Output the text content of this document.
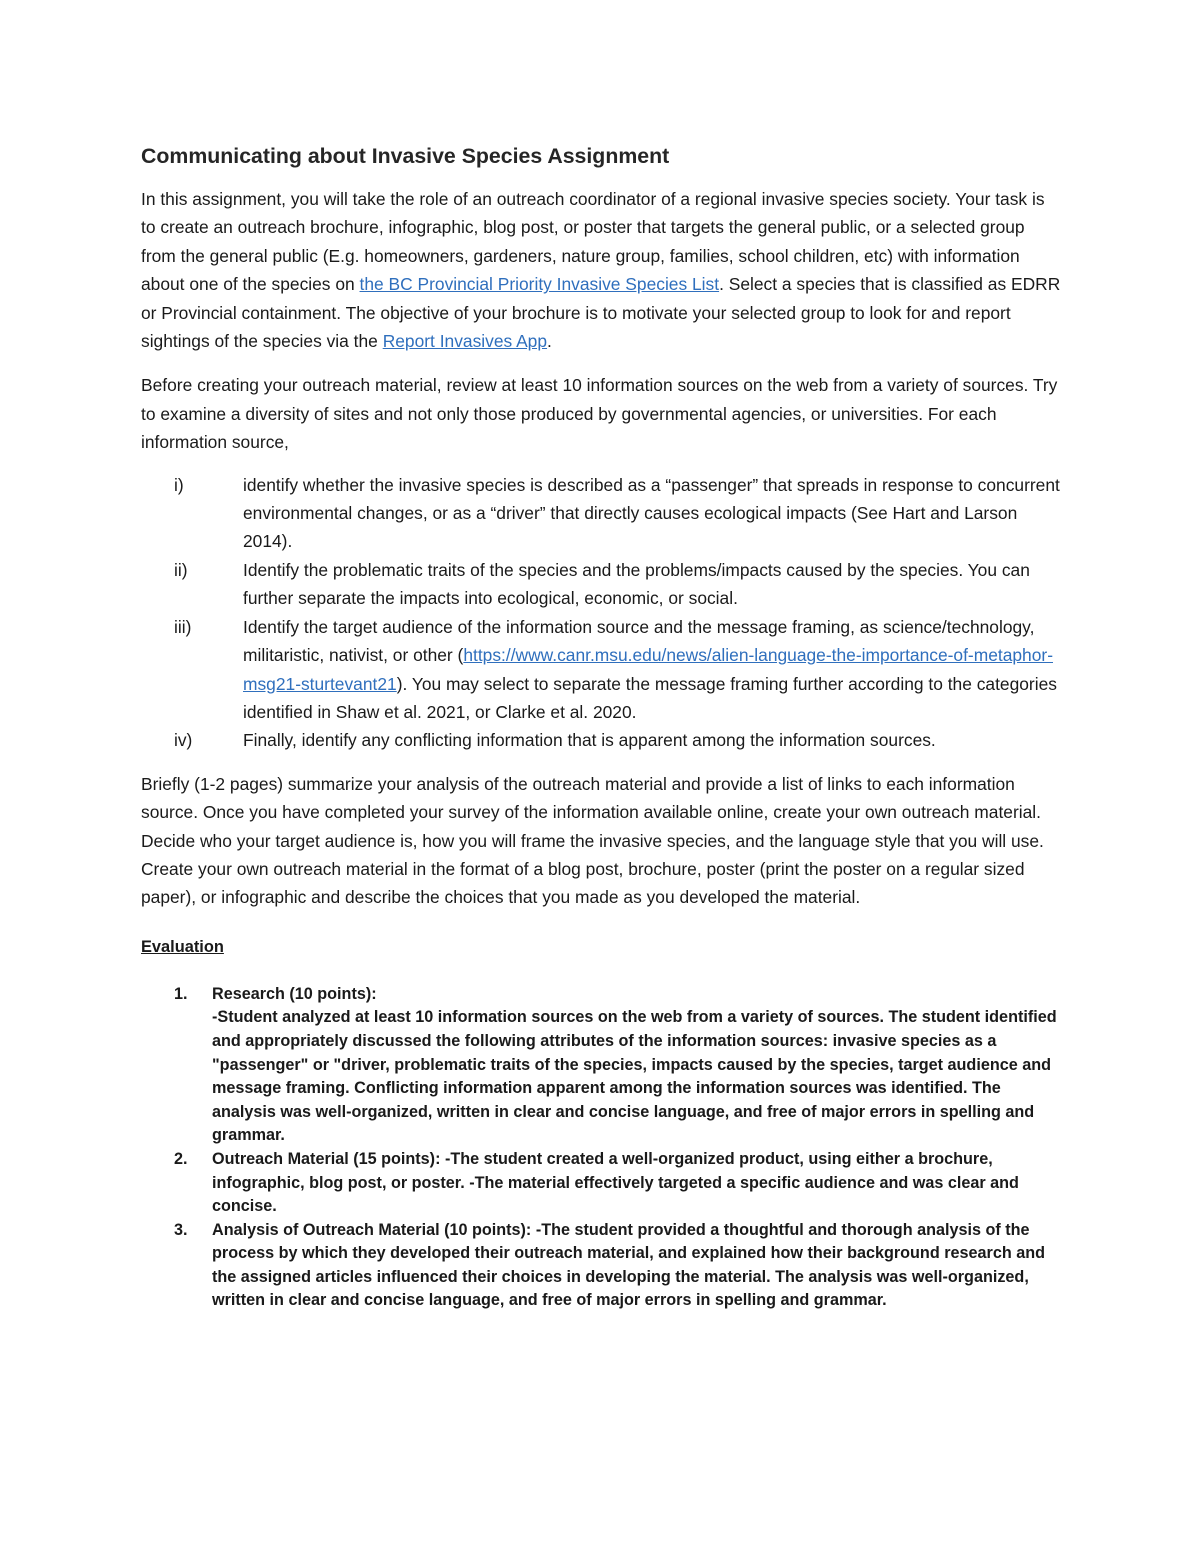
Communicating about Invasive Species Assignment

In this assignment, you will take the role of an outreach coordinator of a regional invasive species society. Your task is to create an outreach brochure, infographic, blog post, or poster that targets the general public, or a selected group from the general public (E.g. homeowners, gardeners, nature group, families, school children, etc) with information about one of the species on the BC Provincial Priority Invasive Species List. Select a species that is classified as EDRR or Provincial containment. The objective of your brochure is to motivate your selected group to look for and report sightings of the species via the Report Invasives App.

Before creating your outreach material, review at least 10 information sources on the web from a variety of sources. Try to examine a diversity of sites and not only those produced by governmental agencies, or universities. For each information source,

i)	identify whether the invasive species is described as a “passenger” that spreads in response to concurrent environmental changes, or as a “driver” that directly causes ecological impacts (See Hart and Larson 2014).
ii)	Identify the problematic traits of the species and the problems/impacts caused by the species. You can further separate the impacts into ecological, economic, or social.
iii)	Identify the target audience of the information source and the message framing, as science/technology, militaristic, nativist, or other (https://www.canr.msu.edu/news/alien-language-the-importance-of-metaphor-msg21-sturtevant21). You may select to separate the message framing further according to the categories identified in Shaw et al. 2021, or Clarke et al. 2020.
iv)	Finally, identify any conflicting information that is apparent among the information sources.

Briefly (1-2 pages) summarize your analysis of the outreach material and provide a list of links to each information source. Once you have completed your survey of the information available online, create your own outreach material. Decide who your target audience is, how you will frame the invasive species, and the language style that you will use. Create your own outreach material in the format of a blog post, brochure, poster (print the poster on a regular sized paper), or infographic and describe the choices that you made as you developed the material.

Evaluation
1. Research (10 points):
-Student analyzed at least 10 information sources on the web from a variety of sources. The student identified and appropriately discussed the following attributes of the information sources: invasive species as a "passenger" or "driver, problematic traits of the species, impacts caused by the species, target audience and message framing. Conflicting information apparent among the information sources was identified. The analysis was well-organized, written in clear and concise language, and free of major errors in spelling and grammar.
2. Outreach Material (15 points): -The student created a well-organized product, using either a brochure, infographic, blog post, or poster. -The material effectively targeted a specific audience and was clear and concise.
3. Analysis of Outreach Material (10 points): -The student provided a thoughtful and thorough analysis of the process by which they developed their outreach material, and explained how their background research and the assigned articles influenced their choices in developing the material. The analysis was well-organized, written in clear and concise language, and free of major errors in spelling and grammar.
